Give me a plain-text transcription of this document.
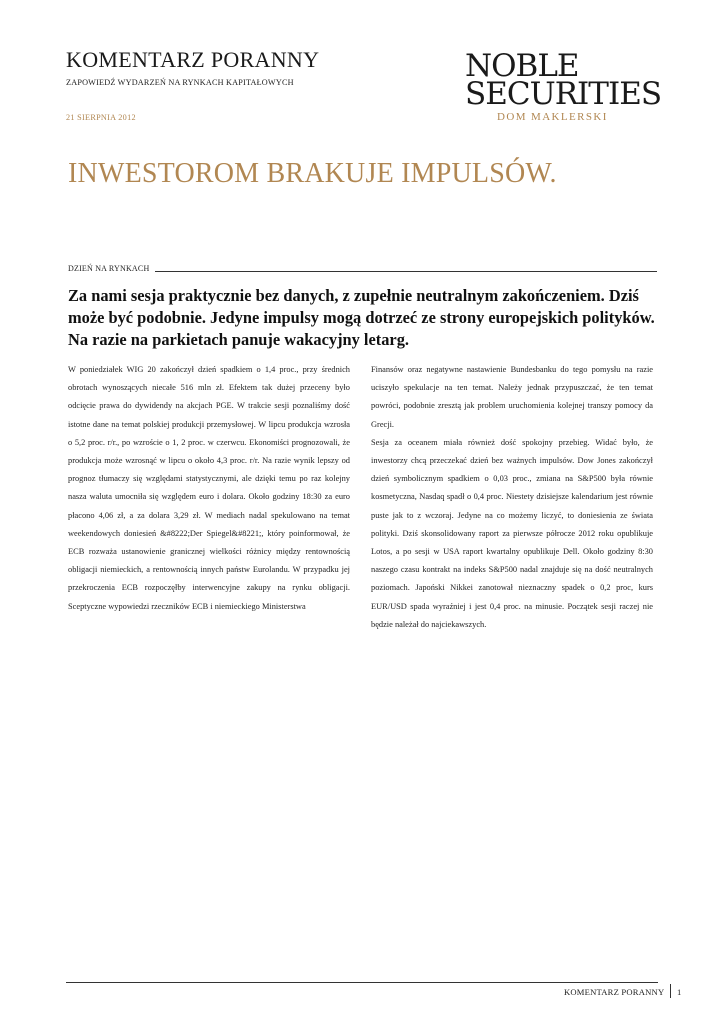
KOMENTARZ PORANNY
ZAPOWIEDŹ WYDARZEŃ NA RYNKACH KAPITAŁOWYCH
21 SIERPNIA 2012
NOBLE
SECURITIES
DOM MAKLERSKI
INWESTOROM BRAKUJE IMPULSÓW.
DZIEŃ NA RYNKACH
Za nami sesja praktycznie bez danych, z zupełnie neutralnym zakończeniem. Dziś może być podobnie. Jedyne impulsy mogą dotrzeć ze strony europejskich polityków. Na razie na parkietach panuje wakacyjny letarg.

W poniedziałek WIG 20 zakończył dzień spadkiem o 1,4 proc., przy średnich obrotach wynoszących niecałe 516 mln zł. Efektem tak dużej przeceny było odcięcie prawa do dywidendy na akcjach PGE. W trakcie sesji poznaliśmy dość istotne dane na temat polskiej produkcji przemysłowej. W lipcu produkcja wzrosła o 5,2 proc. r/r., po wzroście o 1, 2 proc. w czerwcu. Ekonomiści prognozowali, że produkcja może wzrosnąć w lipcu o około 4,3 proc. r/r. Na razie wynik lepszy od prognoz tłumaczy się względami statystycznymi, ale dzięki temu po raz kolejny nasza waluta umocniła się względem euro i dolara. Około godziny 18:30 za euro płacono 4,06 zł, a za dolara 3,29 zł. W mediach nadal spekulowano na temat weekendowych doniesień &#8222;Der Spiegel&#8221;, który poinformował, że ECB rozważa ustanowienie granicznej wielkości różnicy między rentownością obligacji niemieckich, a rentownością innych państw Eurolandu. W przypadku jej przekroczenia ECB rozpoczęłby interwencyjne zakupy na rynku obligacji. Sceptyczne wypowiedzi rzeczników ECB i niemieckiego Ministerstwa

Finansów oraz negatywne nastawienie Bundesbanku do tego pomysłu na razie uciszyło spekulacje na ten temat. Należy jednak przypuszczać, że ten temat powróci, podobnie zresztą jak problem uruchomienia kolejnej transzy pomocy da Grecji.

Sesja za oceanem miała również dość spokojny przebieg. Widać było, że inwestorzy chcą przeczekać dzień bez ważnych impulsów. Dow Jones zakończył dzień symbolicznym spadkiem o 0,03 proc., zmiana na S&P500 była równie kosmetyczna, Nasdaq spadł o 0,4 proc. Niestety dzisiejsze kalendarium jest równie puste jak to z wczoraj. Jedyne na co możemy liczyć, to doniesienia ze świata polityki. Dziś skonsolidowany raport za pierwsze półrocze 2012 roku opublikuje Lotos, a po sesji w USA raport kwartalny opublikuje Dell. Około godziny 8:30 naszego czasu kontrakt na indeks S&P500 nadal znajduje się na dość neutralnych poziomach. Japoński Nikkei zanotował nieznaczny spadek o 0,2 proc, kurs EUR/USD spada wyraźniej i jest 0,4 proc. na minusie. Początek sesji raczej nie będzie należał do najciekawszych.

KOMENTARZ PORANNY 1
